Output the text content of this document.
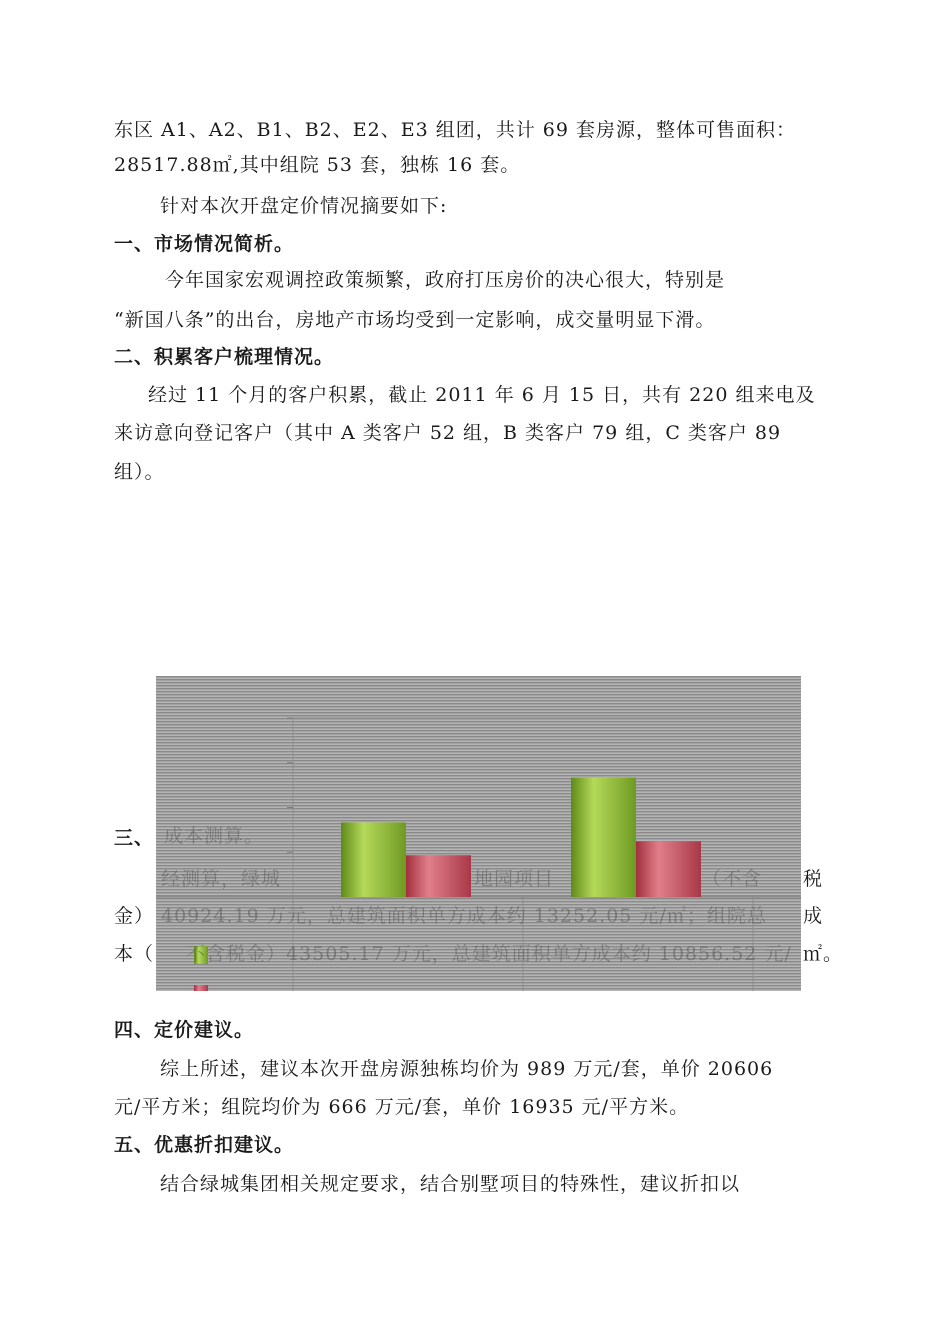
东区 A1、A2、B1、B2、E2、E3 组团，共计 69 套房源，整体可售面积：
28517.88㎡,其中组院 53 套，独栋 16 套。
针对本次开盘定价情况摘要如下:
一、市场情况简析。
今年国家宏观调控政策频繁，政府打压房价的决心很大，特别是
“新国八条”的出台，房地产市场均受到一定影响，成交量明显下滑。
二、积累客户梳理情况。
经过 11 个月的客户积累，截止 2011 年 6 月 15 日，共有 220 组来电及
来访意向登记客户（其中 A 类客户 52 组，B 类客户 79 组，C 类客户 89
组）。
成本测算。
经测算，绿城	地园项目	（不含
40924.19 万元，总建筑面积单方成本约 13252.05 元/㎡；组院总
不含税金）43505.17 万元，总建筑面积单方成本约 10856.52 元/
三、
税
金）	成
本（	㎡。
四、定价建议。
综上所述，建议本次开盘房源独栋均价为 989 万元/套，单价 20606
元/平方米；组院均价为 666 万元/套，单价 16935 元/平方米。
五、优惠折扣建议。
结合绿城集团相关规定要求，结合别墅项目的特殊性，建议折扣以
